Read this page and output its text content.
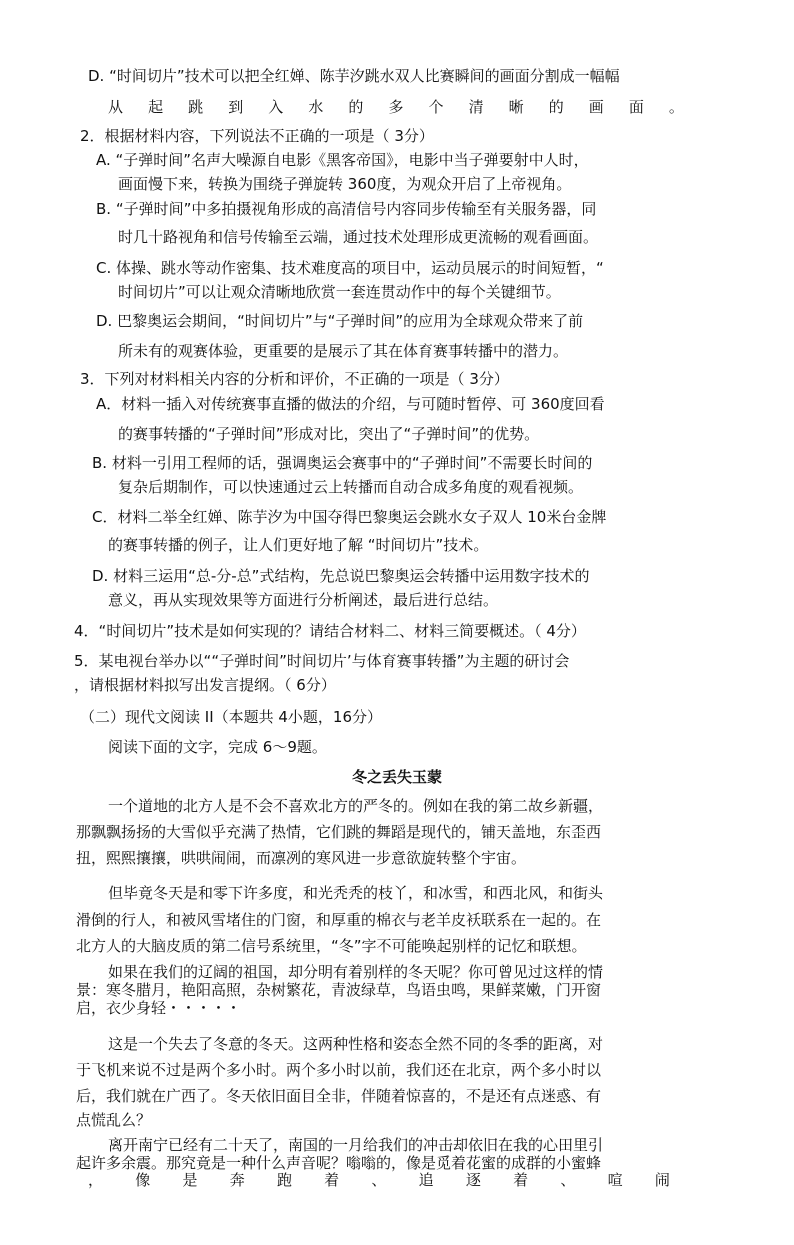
D. “时间切片”技术可以把全红婵、陈芋汐跳水双人比赛瞬间的画面分割成一幅幅
从 起 跳 到 入 水 的 多 个 清 晰 的 画 面 。
2．根据材料内容，下列说法不正确的一项是（ 3分）
A. “子弹时间”名声大噪源自电影《黑客帝国》，电影中当子弹要射中人时，
画面慢下来，转换为围绕子弹旋转 360度，为观众开启了上帝视角。
B. “子弹时间”中多拍摄视角形成的高清信号内容同步传输至有关服务器，同
时几十路视角和信号传输至云端，通过技术处理形成更流畅的观看画面。
C. 体操、跳水等动作密集、技术难度高的项目中，运动员展示的时间短暂，“
时间切片”可以让观众清晰地欣赏一套连贯动作中的每个关键细节。
D. 巴黎奥运会期间，“时间切片”与“子弹时间”的应用为全球观众带来了前
所未有的观赛体验，更重要的是展示了其在体育赛事转播中的潜力。
3．下列对材料相关内容的分析和评价，不正确的一项是（ 3分）
A．材料一插入对传统赛事直播的做法的介绍，与可随时暂停、可 360度回看
的赛事转播的“子弹时间”形成对比，突出了“子弹时间”的优势。
B. 材料一引用工程师的话，强调奥运会赛事中的“子弹时间”不需要长时间的
复杂后期制作，可以快速通过云上转播而自动合成多角度的观看视频。
C．材料二举全红婵、陈芋汐为中国夺得巴黎奥运会跳水女子双人 10米台金牌
的赛事转播的例子，让人们更好地了解 “时间切片”技术。
D. 材料三运用“总-分-总”式结构，先总说巴黎奥运会转播中运用数字技术的
意义，再从实现效果等方面进行分析阐述，最后进行总结。
4．“时间切片”技术是如何实现的？请结合材料二、材料三简要概述。（ 4分）
5．某电视台举办以““子弹时间”时间切片’与体育赛事转播”为主题的研讨会
，请根据材料拟写出发言提纲。（ 6分）
（二）现代文阅读 II（本题共 4小题，16分）
阅读下面的文字，完成 6～9题。
冬之丢失玉蒙
一个道地的北方人是不会不喜欢北方的严冬的。例如在我的第二故乡新疆，
那飘飘扬扬的大雪似乎充满了热情，它们跳的舞蹈是现代的，铺天盖地，东歪西
扭，熙熙攘攘，哄哄闹闹，而凛冽的寒风进一步意欲旋转整个宇宙。
但毕竟冬天是和零下许多度，和光秃秃的枝丫，和冰雪，和西北风，和街头
滑倒的行人，和被风雪堵住的门窗，和厚重的棉衣与老羊皮袄联系在一起的。在
北方人的大脑皮质的第二信号系统里，“冬”字不可能唤起别样的记忆和联想。
如果在我们的辽阔的祖国，却分明有着别样的冬天呢？你可曾见过这样的情
景：寒冬腊月，艳阳高照，杂树繁花，青波绿草，鸟语虫鸣，果鲜菜嫩，门开窗
启，衣少身轻・・・・・
这是一个失去了冬意的冬天。这两种性格和姿态全然不同的冬季的距离，对
于飞机来说不过是两个多小时。两个多小时以前，我们还在北京，两个多小时以
后，我们就在广西了。冬天依旧面目全非，伴随着惊喜的，不是还有点迷惑、有
点慌乱么？
离开南宁已经有二十天了，南国的一月给我们的冲击却依旧在我的心田里引
起许多余震。那究竟是一种什么声音呢？嗡嗡的，像是觅着花蜜的成群的小蜜蜂
， 像 是 奔 跑 着 、 追 逐 着 、 喧 闹
